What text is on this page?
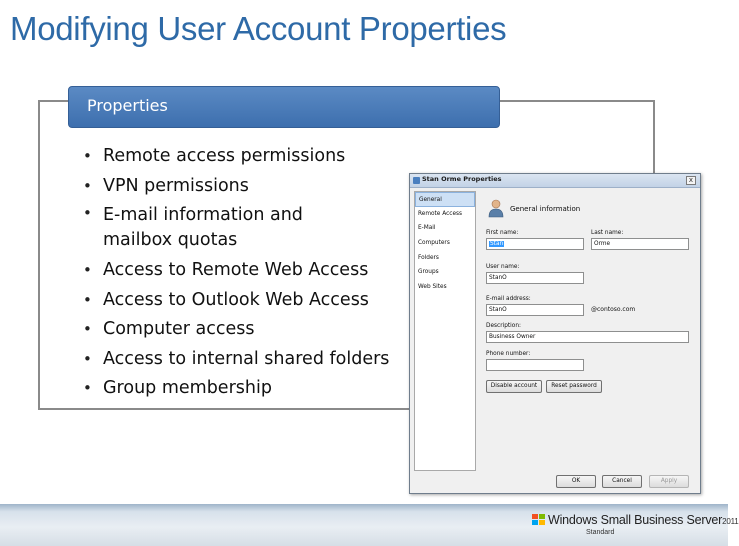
Modifying User Account Properties
Properties
• Remote access permissions
• VPN permissions
• E-mail information and mailbox quotas
• Access to Remote Web Access
• Access to Outlook Web Access
• Computer access
• Access to internal shared folders
• Group membership
Stan Orme Properties	x
General
Remote Access
E-Mail
Computers
Folders
Groups
Web Sites
General information
First name:
Stan
Last name:
Orme
User name:
StanO
E-mail address:
StanO	@contoso.com
Description:
Business Owner
Phone number:
Disable account	Reset password
OK	Cancel	Apply
Windows Small Business Server2011
Standard
